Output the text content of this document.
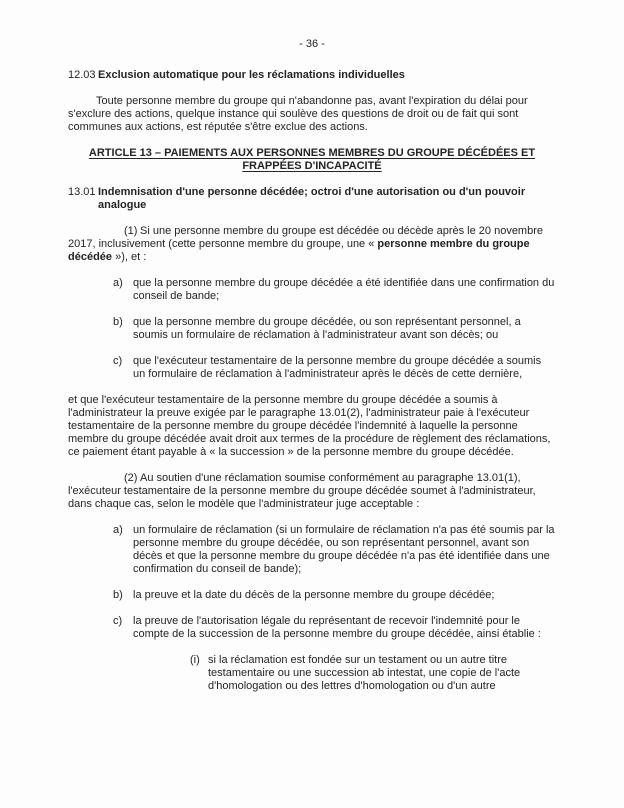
- 36 -
12.03 Exclusion automatique pour les réclamations individuelles

Toute personne membre du groupe qui n'abandonne pas, avant l'expiration du délai pour s'exclure des actions, quelque instance qui soulève des questions de droit ou de fait qui sont communes aux actions, est réputée s'être exclue des actions.

ARTICLE 13 – PAIEMENTS AUX PERSONNES MEMBRES DU GROUPE DÉCÉDÉES ET
FRAPPÉES D'INCAPACITÉ
13.01 Indemnisation d'une personne décédée; octroi d'une autorisation ou d'un pouvoir analogue

(1) Si une personne membre du groupe est décédée ou décède après le 20 novembre 2017, inclusivement (cette personne membre du groupe, une « personne membre du groupe décédée »), et :

a) que la personne membre du groupe décédée a été identifiée dans une confirmation du conseil de bande;
b) que la personne membre du groupe décédée, ou son représentant personnel, a soumis un formulaire de réclamation à l'administrateur avant son décès; ou
c) que l'exécuteur testamentaire de la personne membre du groupe décédée a soumis un formulaire de réclamation à l'administrateur après le décès de cette dernière,

et que l'exécuteur testamentaire de la personne membre du groupe décédée a soumis à l'administrateur la preuve exigée par le paragraphe 13.01(2), l'administrateur paie à l'exécuteur testamentaire de la personne membre du groupe décédée l'indemnité à laquelle la personne membre du groupe décédée avait droit aux termes de la procédure de règlement des réclamations, ce paiement étant payable à « la succession » de la personne membre du groupe décédée.

(2) Au soutien d'une réclamation soumise conformément au paragraphe 13.01(1), l'exécuteur testamentaire de la personne membre du groupe décédée soumet à l'administrateur, dans chaque cas, selon le modèle que l'administrateur juge acceptable :

a) un formulaire de réclamation (si un formulaire de réclamation n'a pas été soumis par la personne membre du groupe décédée, ou son représentant personnel, avant son décès et que la personne membre du groupe décédée n'a pas été identifiée dans une confirmation du conseil de bande);
b) la preuve et la date du décès de la personne membre du groupe décédée;
c) la preuve de l'autorisation légale du représentant de recevoir l'indemnité pour le compte de la succession de la personne membre du groupe décédée, ainsi établie :
(i) si la réclamation est fondée sur un testament ou un autre titre testamentaire ou une succession ab intestat, une copie de l'acte d'homologation ou des lettres d'homologation ou d'un autre
